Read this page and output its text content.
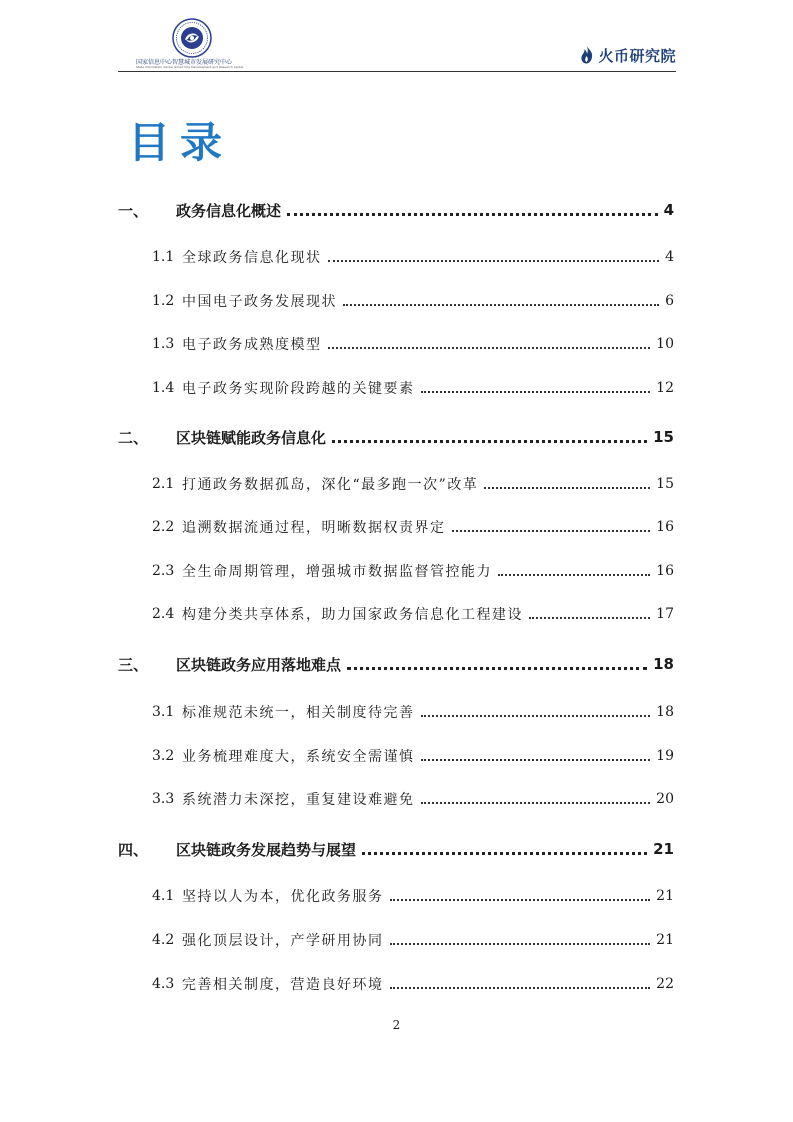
国家信息中心智慧城市发展研究中心
State Information Center Smart City Development and Research Center
火币研究院
目录
一、	政务信息化概述	4
1.1 全球政务信息化现状	4
1.2 中国电子政务发展现状	6
1.3 电子政务成熟度模型	10
1.4 电子政务实现阶段跨越的关键要素	12
二、	区块链赋能政务信息化	15
2.1 打通政务数据孤岛，深化“最多跑一次”改革	15
2.2 追溯数据流通过程，明晰数据权责界定	16
2.3 全生命周期管理，增强城市数据监督管控能力	16
2.4 构建分类共享体系，助力国家政务信息化工程建设	17
三、	区块链政务应用落地难点	18
3.1 标准规范未统一，相关制度待完善	18
3.2 业务梳理难度大，系统安全需谨慎	19
3.3 系统潜力未深挖，重复建设难避免	20
四、	区块链政务发展趋势与展望	21
4.1 坚持以人为本，优化政务服务	21
4.2 强化顶层设计，产学研用协同	21
4.3 完善相关制度，营造良好环境	22
2
